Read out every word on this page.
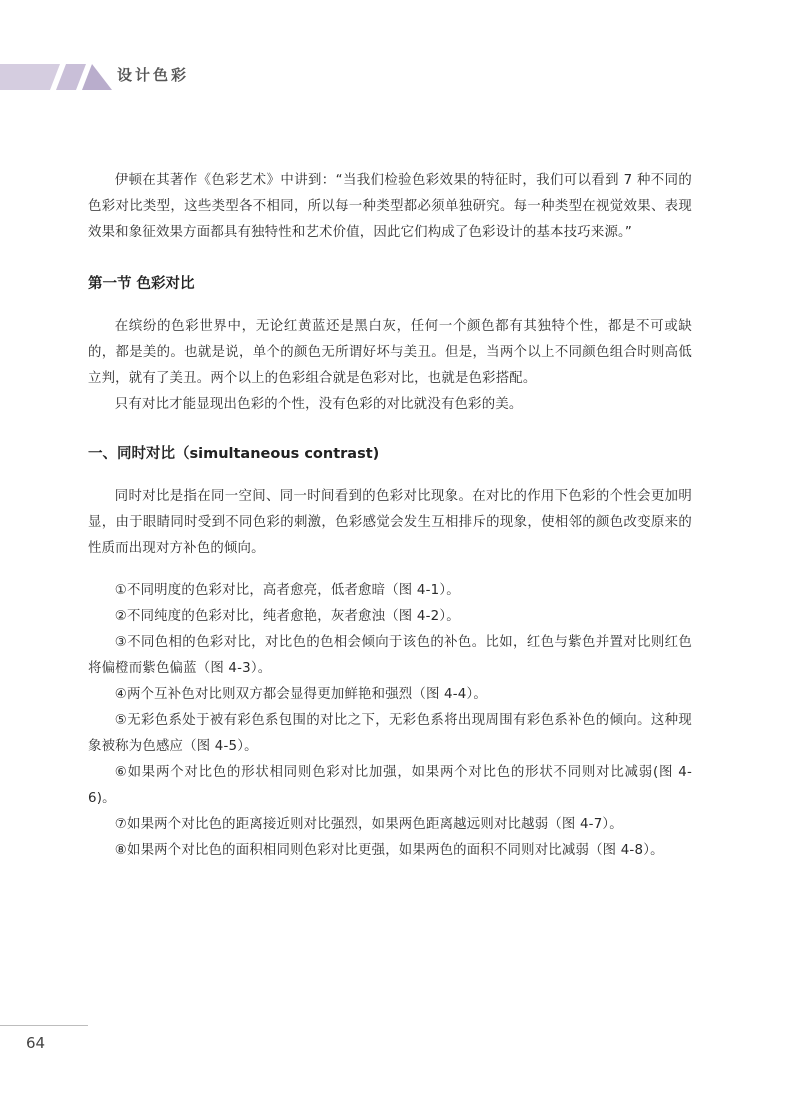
设计色彩

伊顿在其著作《色彩艺术》中讲到：“当我们检验色彩效果的特征时，我们可以看到 7 种不同的色彩对比类型，这些类型各不相同，所以每一种类型都必须单独研究。每一种类型在视觉效果、表现效果和象征效果方面都具有独特性和艺术价值，因此它们构成了色彩设计的基本技巧来源。”

第一节 色彩对比

在缤纷的色彩世界中，无论红黄蓝还是黑白灰，任何一个颜色都有其独特个性，都是不可或缺的，都是美的。也就是说，单个的颜色无所谓好坏与美丑。但是，当两个以上不同颜色组合时则高低立判，就有了美丑。两个以上的色彩组合就是色彩对比，也就是色彩搭配。

只有对比才能显现出色彩的个性，没有色彩的对比就没有色彩的美。

一、同时对比（simultaneous contrast)

同时对比是指在同一空间、同一时间看到的色彩对比现象。在对比的作用下色彩的个性会更加明显，由于眼睛同时受到不同色彩的刺激，色彩感觉会发生互相排斥的现象，使相邻的颜色改变原来的性质而出现对方补色的倾向。

①不同明度的色彩对比，高者愈亮，低者愈暗（图 4-1）。

②不同纯度的色彩对比，纯者愈艳，灰者愈浊（图 4-2）。

③不同色相的色彩对比，对比色的色相会倾向于该色的补色。比如，红色与紫色并置对比则红色将偏橙而紫色偏蓝（图 4-3）。

④两个互补色对比则双方都会显得更加鲜艳和强烈（图 4-4）。

⑤无彩色系处于被有彩色系包围的对比之下，无彩色系将出现周围有彩色系补色的倾向。这种现象被称为色感应（图 4-5）。

⑥如果两个对比色的形状相同则色彩对比加强，如果两个对比色的形状不同则对比减弱(图 4-6)。

⑦如果两个对比色的距离接近则对比强烈，如果两色距离越远则对比越弱（图 4-7）。

⑧如果两个对比色的面积相同则色彩对比更强，如果两色的面积不同则对比减弱（图 4-8）。

64
